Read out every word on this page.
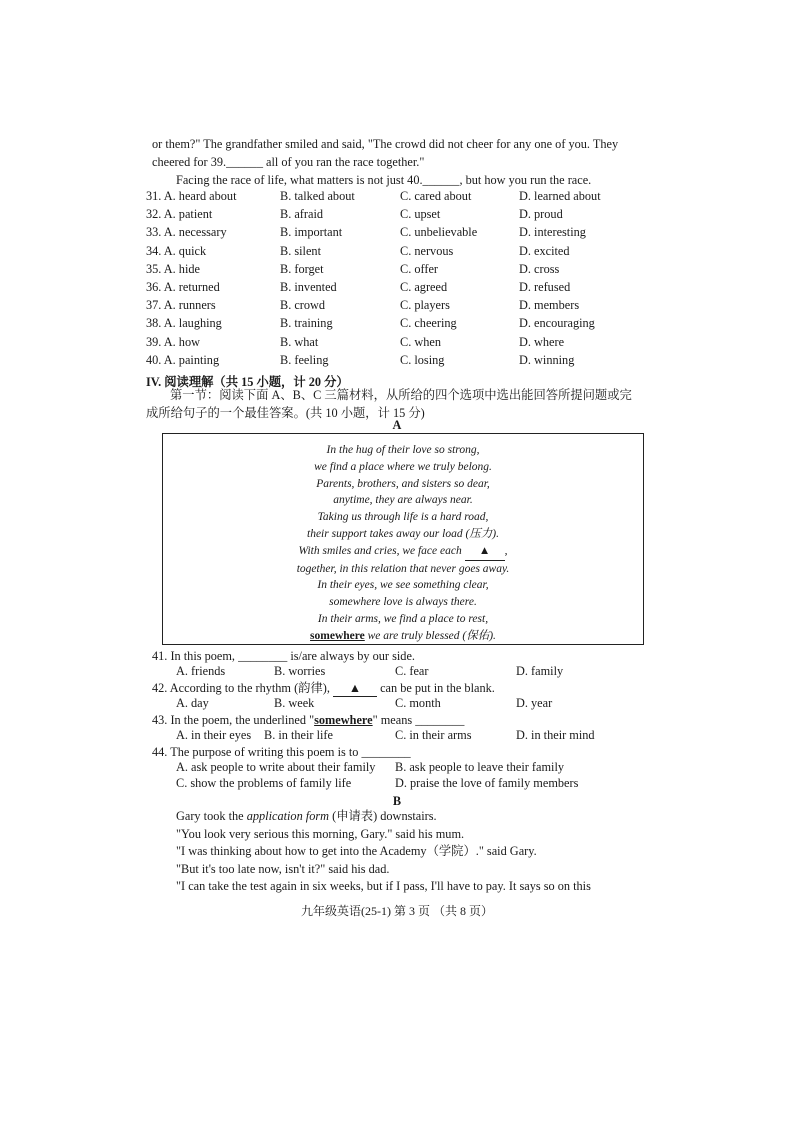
or them?" The grandfather smiled and said, "The crowd did not cheer for any one of you. They
cheered for 39.______ all of you ran the race together."
Facing the race of life, what matters is not just 40.______, but how you run the race.
31. A. heard about	B. talked about	C. cared about	D. learned about
32. A. patient	B. afraid	C. upset	D. proud
33. A. necessary	B. important	C. unbelievable	D. interesting
34. A. quick	B. silent	C. nervous	D. excited
35. A. hide	B. forget	C. offer	D. cross
36. A. returned	B. invented	C. agreed	D. refused
37. A. runners	B. crowd	C. players	D. members
38. A. laughing	B. training	C. cheering	D. encouraging
39. A. how	B. what	C. when	D. where
40. A. painting	B. feeling	C. losing	D. winning
IV. 阅读理解（共 15 小题，计 20 分）
第一节：阅读下面 A、B、C 三篇材料，从所给的四个选项中选出能回答所提问题或完成所给句子的一个最佳答案。(共 10 小题，计 15 分)
A
In the hug of their love so strong,
we find a place where we truly belong.
Parents, brothers, and sisters so dear,
anytime, they are always near.
Taking us through life is a hard road,
their support takes away our load (压力).
With smiles and cries, we face each ▲ ,
together, in this relation that never goes away.
In their eyes, we see something clear,
somewhere love is always there.
In their arms, we find a place to rest,
somewhere we are truly blessed (保佑).
41. In this poem, ________ is/are always by our side.
A. friends	B. worries	C. fear	D. family
42. According to the rhythm (韵律), ▲ can be put in the blank.
A. day	B. week	C. month	D. year
43. In the poem, the underlined "somewhere" means ________
A. in their eyes B. in their life	C. in their arms	D. in their mind
44. The purpose of writing this poem is to ________
A. ask people to write about their family B. ask people to leave their family
C. show the problems of family life	D. praise the love of family members
B
Gary took the application form (申请表) downstairs.
"You look very serious this morning, Gary." said his mum.
"I was thinking about how to get into the Academy（学院）." said Gary.
"But it's too late now, isn't it?" said his dad.
"I can take the test again in six weeks, but if I pass, I'll have to pay. It says so on this
九年级英语(25-1) 第 3 页 （共 8 页）
